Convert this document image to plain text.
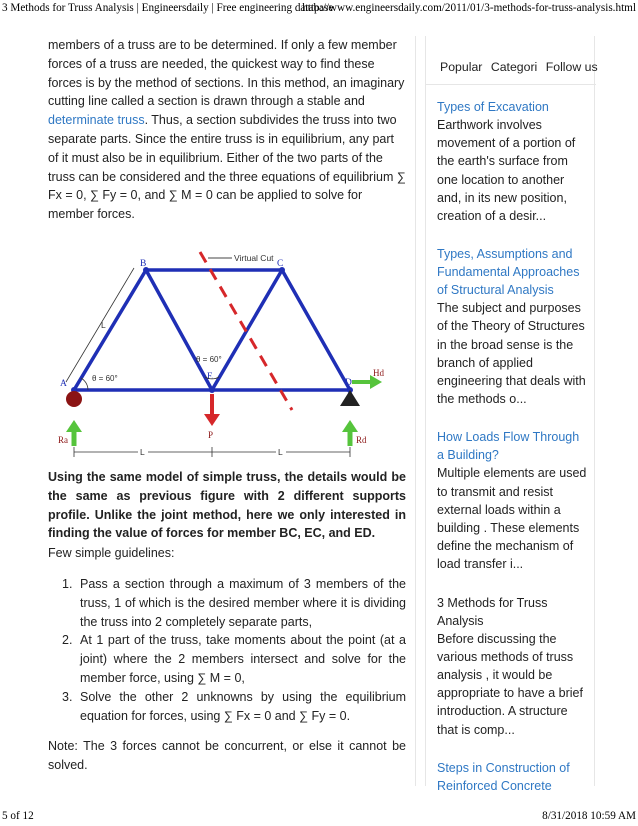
3 Methods for Truss Analysis | Engineersdaily | Free engineering database
http://www.engineersdaily.com/2011/01/3-methods-for-truss-analysis.html

members of a truss are to be determined. If only a few member forces of a truss are needed, the quickest way to find these forces is by the method of sections. In this method, an imaginary cutting line called a section is drawn through a stable and determinate truss. Thus, a section subdivides the truss into two separate parts. Since the entire truss is in equilibrium, any part of it must also be in equilibrium. Either of the two parts of the truss can be considered and the three equations of equilibrium ∑ Fx = 0, ∑ Fy = 0, and ∑ M = 0 can be applied to solve for member forces.

Virtual Cut
L
A
B	C
E
D
θ = 60°
θ = 60°
Hd
P
Ra	Rd
L	L

Using the same model of simple truss, the details would be the same as previous figure with 2 different supports profile. Unlike the joint method, here we only interested in finding the value of forces for member BC, EC, and ED.

Few simple guidelines:

1. Pass a section through a maximum of 3 members of the truss, 1 of which is the desired member where it is dividing the truss into 2 completely separate parts,
2. At 1 part of the truss, take moments about the point (at a joint) where the 2 members intersect and solve for the member force, using ∑ M = 0,
3. Solve the other 2 unknowns by using the equilibrium equation for forces, using ∑ Fx = 0 and ∑ Fy = 0.

Note: The 3 forces cannot be concurrent, or else it cannot be solved.

Popular Categori Follow us
Types of Excavation

Earthwork involves movement of a portion of the earth's surface from one location to another and, in its new position, creation of a desir...

Types, Assumptions and Fundamental Approaches of Structural Analysis

The subject and purposes of the Theory of Structures in the broad sense is the branch of applied engineering that deals with the methods o...

How Loads Flow Through a Building?

Multiple elements are used to transmit and resist external loads within a building . These elements define the mechanism of load transfer i...

3 Methods for Truss Analysis

Before discussing the various methods of truss analysis , it would be appropriate to have a brief introduction. A structure that is comp...

Steps in Construction of Reinforced Concrete
5 of 12	8/31/2018 10:59 AM
